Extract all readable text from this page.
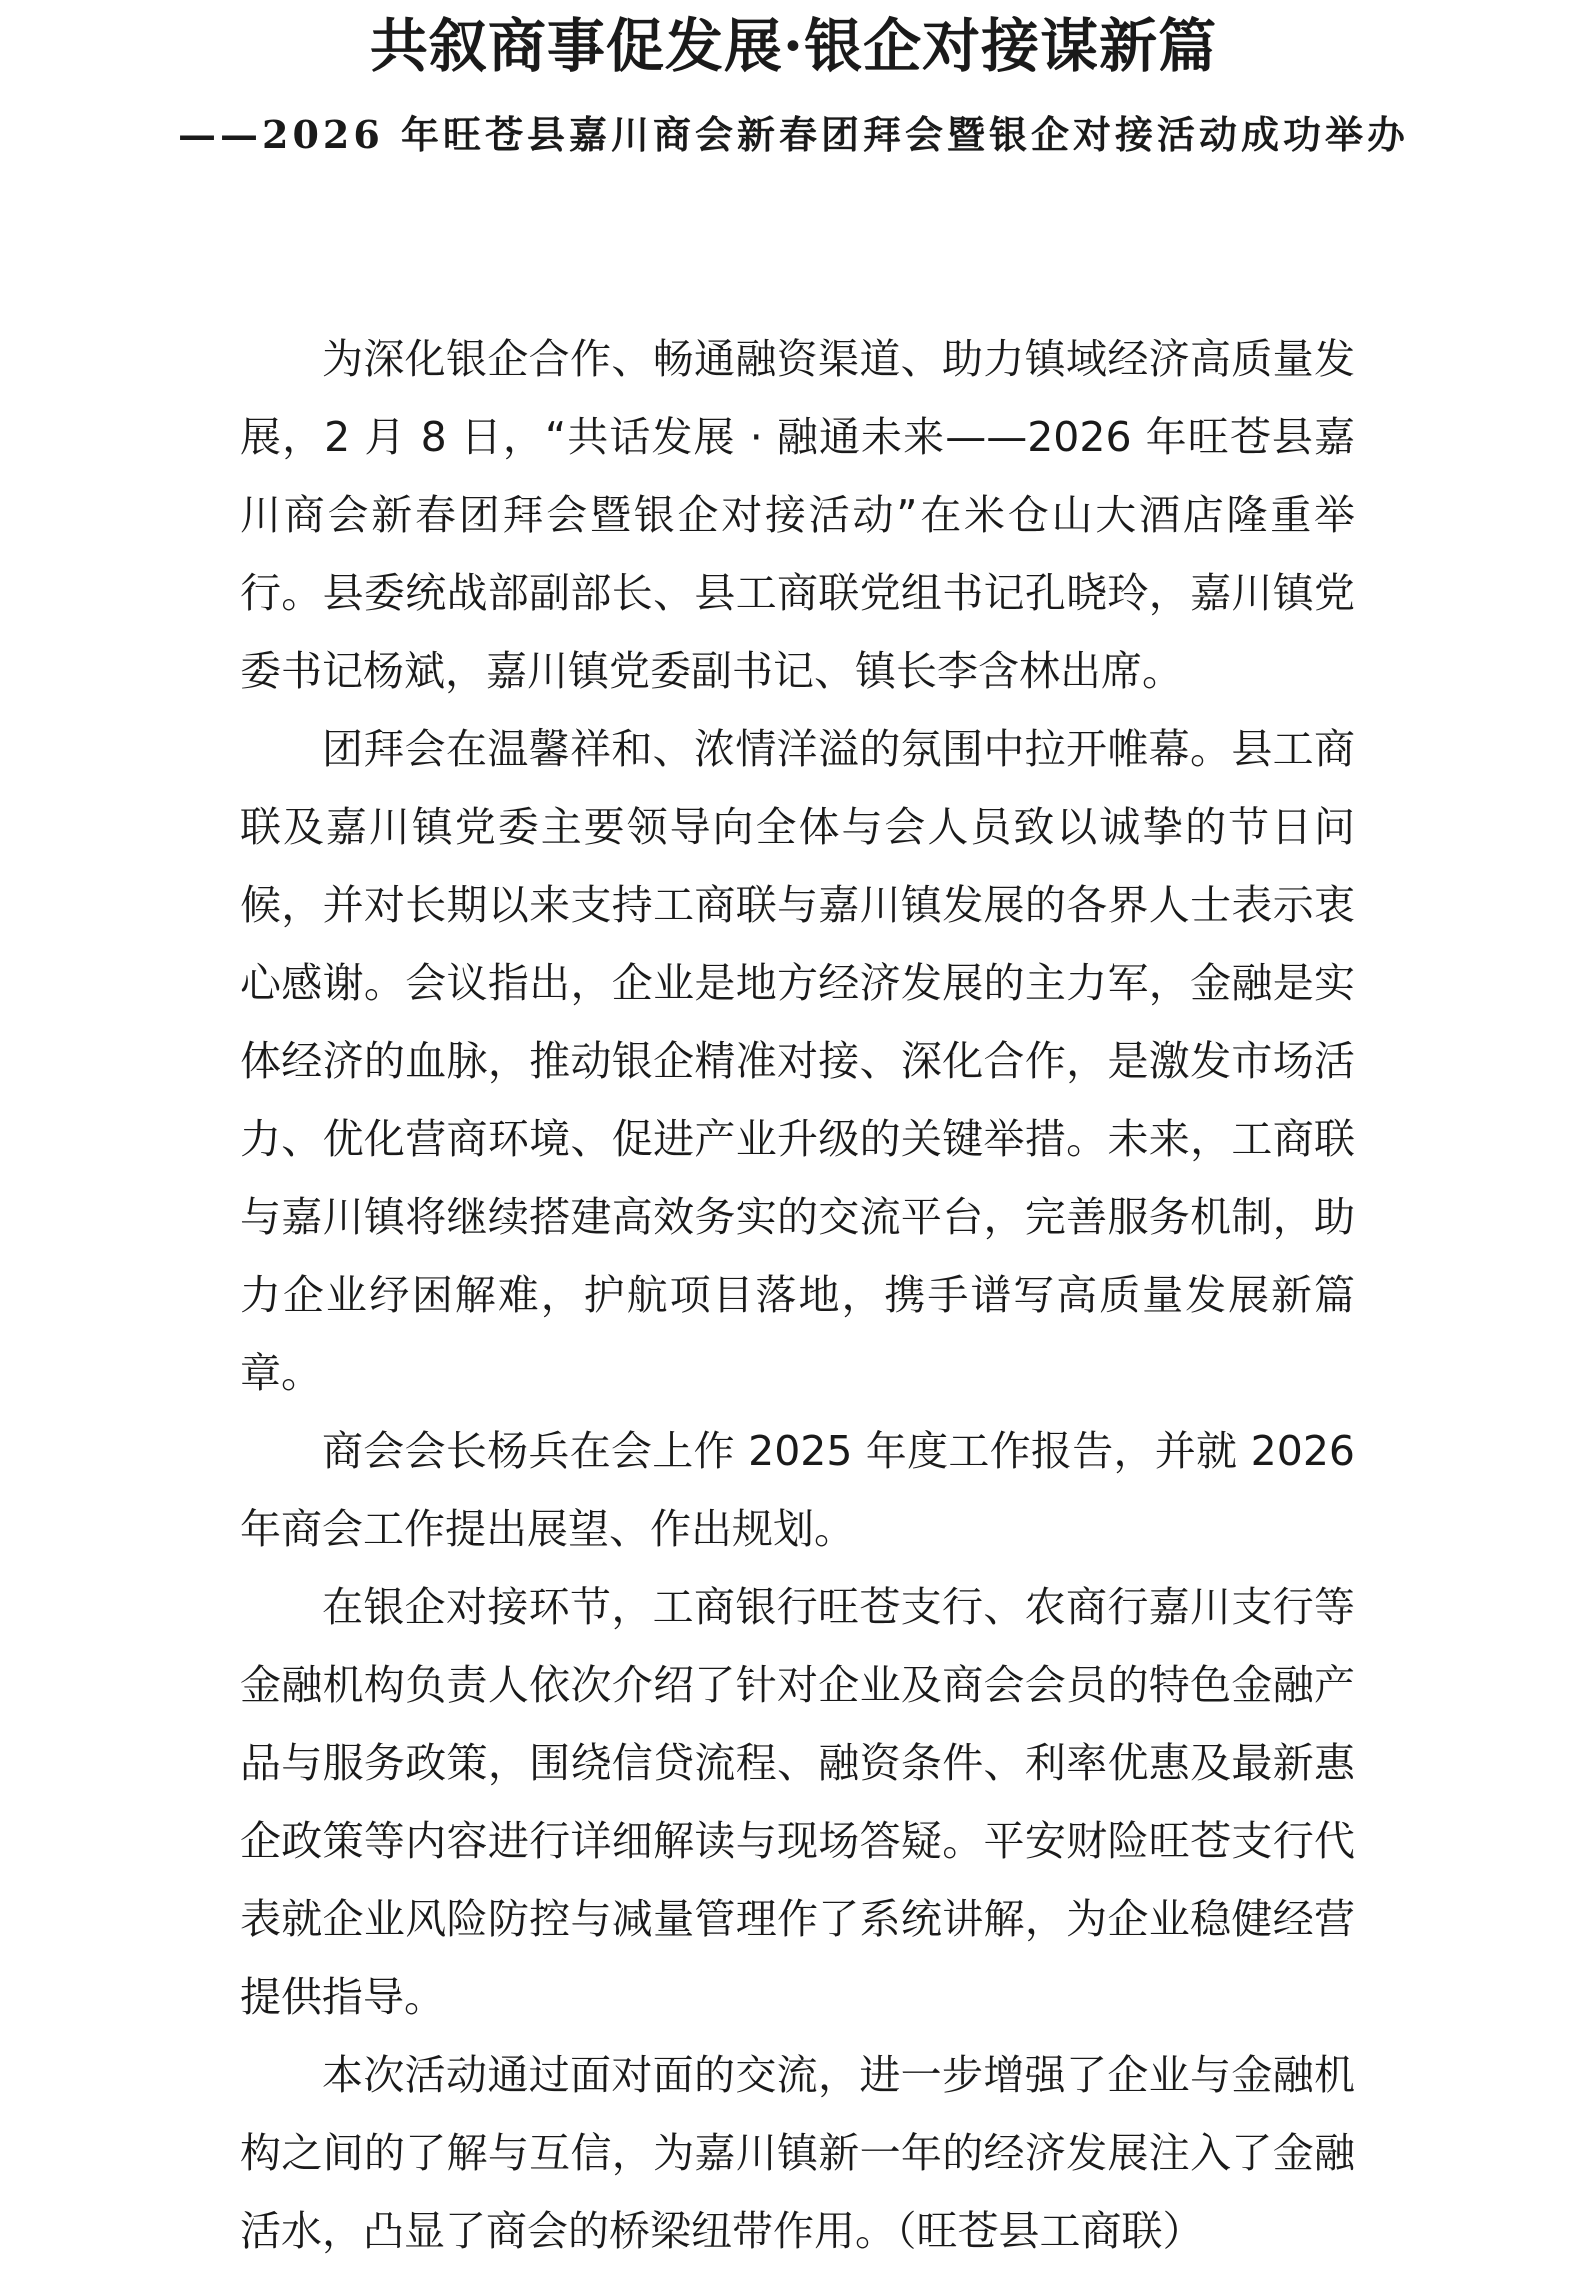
共叙商事促发展·银企对接谋新篇
——2026 年旺苍县嘉川商会新春团拜会暨银企对接活动成功举办

为深化银企合作、畅通融资渠道、助力镇域经济高质量发展，2 月 8 日，“共话发展 · 融通未来——2026 年旺苍县嘉川商会新春团拜会暨银企对接活动”在米仓山大酒店隆重举行。县委统战部副部长、县工商联党组书记孔晓玲，嘉川镇党委书记杨斌，嘉川镇党委副书记、镇长李含林出席。

团拜会在温馨祥和、浓情洋溢的氛围中拉开帷幕。县工商联及嘉川镇党委主要领导向全体与会人员致以诚挚的节日问候，并对长期以来支持工商联与嘉川镇发展的各界人士表示衷心感谢。会议指出，企业是地方经济发展的主力军，金融是实体经济的血脉，推动银企精准对接、深化合作，是激发市场活力、优化营商环境、促进产业升级的关键举措。未来，工商联与嘉川镇将继续搭建高效务实的交流平台，完善服务机制，助力企业纾困解难，护航项目落地，携手谱写高质量发展新篇章。

商会会长杨兵在会上作 2025 年度工作报告，并就 2026 年商会工作提出展望、作出规划。

在银企对接环节，工商银行旺苍支行、农商行嘉川支行等金融机构负责人依次介绍了针对企业及商会会员的特色金融产品与服务政策，围绕信贷流程、融资条件、利率优惠及最新惠企政策等内容进行详细解读与现场答疑。平安财险旺苍支行代表就企业风险防控与减量管理作了系统讲解，为企业稳健经营提供指导。

本次活动通过面对面的交流，进一步增强了企业与金融机构之间的了解与互信，为嘉川镇新一年的经济发展注入了金融活水，凸显了商会的桥梁纽带作用。（旺苍县工商联）
